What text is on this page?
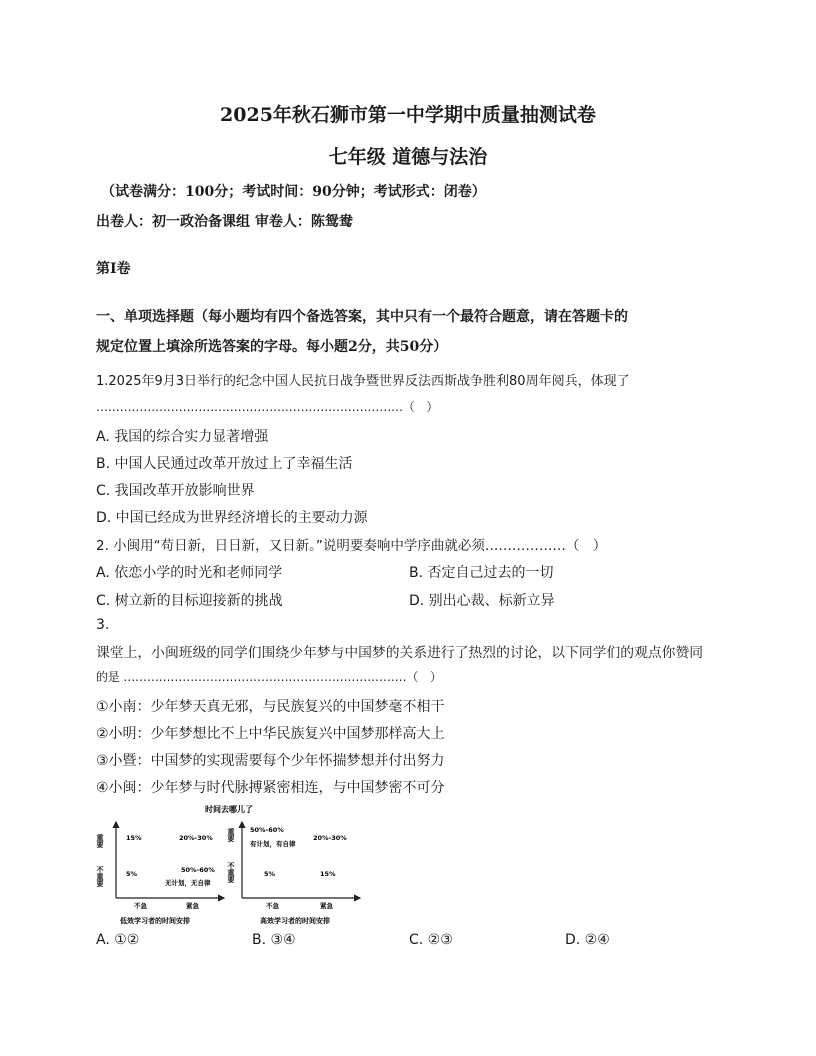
2025年秋石狮市第一中学期中质量抽测试卷
七年级 道德与法治
（试卷满分：100分；考试时间：90分钟；考试形式：闭卷）
出卷人：初一政治备课组 审卷人：陈鸳鸯
第Ⅰ卷
一、单项选择题（每小题均有四个备选答案，其中只有一个最符合题意，请在答题卡的
规定位置上填涂所选答案的字母。每小题2分，共50分）
1.2025年9月3日举行的纪念中国人民抗日战争暨世界反法西斯战争胜利80周年阅兵，体现了
……………………………………………………………………（　）
A. 我国的综合实力显著增强
B. 中国人民通过改革开放过上了幸福生活
C. 我国改革开放影响世界
D. 中国已经成为世界经济增长的主要动力源
2. 小闽用“苟日新，日日新，又日新。”说明要奏响中学序曲就必须………………（　）
A. 依恋小学的时光和老师同学	B. 否定自己过去的一切
C. 树立新的目标迎接新的挑战	D. 别出心裁、标新立异
3.
课堂上，小闽班级的同学们围绕少年梦与中国梦的关系进行了热烈的讨论，以下同学们的观点你赞同
的是 ………………………………………………………………（　）
①小南：少年梦天真无邪，与民族复兴的中国梦毫不相干
②小明：少年梦想比不上中华民族复兴中国梦那样高大上
③小暨：中国梦的实现需要每个少年怀揣梦想并付出努力
④小闽：少年梦与时代脉搏紧密相连，与中国梦密不可分
时间去哪儿了
重要
不重要
15%	20%-30%
5%	50%-60%
无计划，无自律
不急	紧急
低效学习者的时间安排
重要
不重要
50%-60%
有计划，有自律
20%-30%
5%	15%
不急	紧急
高效学习者的时间安排
A. ①②	B. ③④	C. ②③	D. ②④
